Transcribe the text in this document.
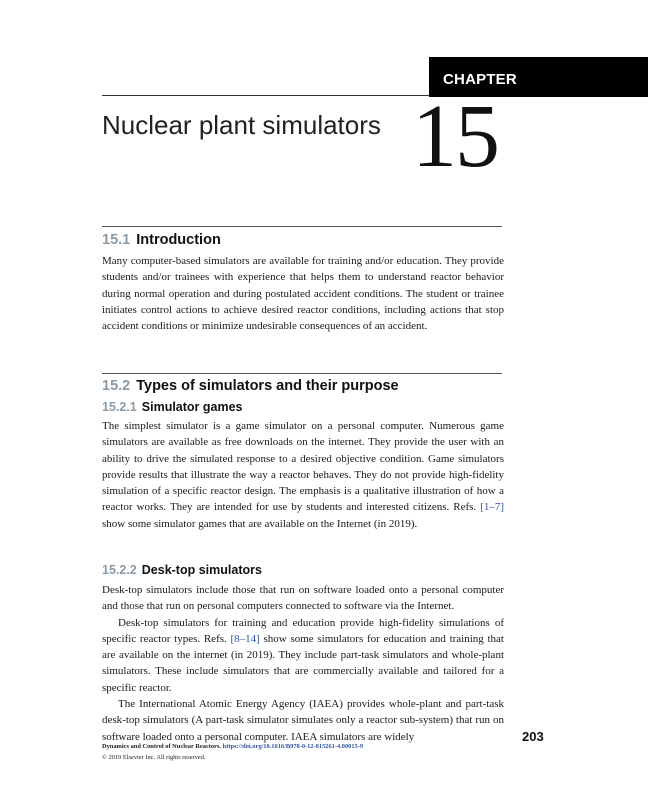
CHAPTER
Nuclear plant simulators 15
15.1 Introduction

Many computer-based simulators are available for training and/or education. They provide students and/or trainees with experience that helps them to understand reactor behavior during normal operation and during postulated accident conditions. The student or trainee initiates control actions to achieve desired reactor conditions, including actions that stop accident conditions or minimize undesirable consequences of an accident.

15.2 Types of simulators and their purpose
15.2.1 Simulator games

The simplest simulator is a game simulator on a personal computer. Numerous game simulators are available as free downloads on the internet. They provide the user with an ability to drive the simulated response to a desired objective condition. Game simulators provide results that illustrate the way a reactor behaves. They do not provide high-fidelity simulation of a specific reactor design. The emphasis is a qualitative illustration of how a reactor works. They are intended for use by students and interested citizens. Refs. [1–7] show some simulator games that are available on the Internet (in 2019).

15.2.2 Desk-top simulators

Desk-top simulators include those that run on software loaded onto a personal computer and those that run on personal computers connected to software via the Internet.

Desk-top simulators for training and education provide high-fidelity simulations of specific reactor types. Refs. [8–14] show some simulators for education and training that are available on the internet (in 2019). They include part-task simulators and whole-plant simulators. These include simulators that are commercially available and tailored for a specific reactor.

The International Atomic Energy Agency (IAEA) provides whole-plant and part-task desk-top simulators (A part-task simulator simulates only a reactor sub-system) that run on software loaded onto a personal computer. IAEA simulators are widely	203
Dynamics and Control of Nuclear Reactors. https://doi.org/10.1016/B978-0-12-815261-4.00015-9
© 2019 Elsevier Inc. All rights reserved.
